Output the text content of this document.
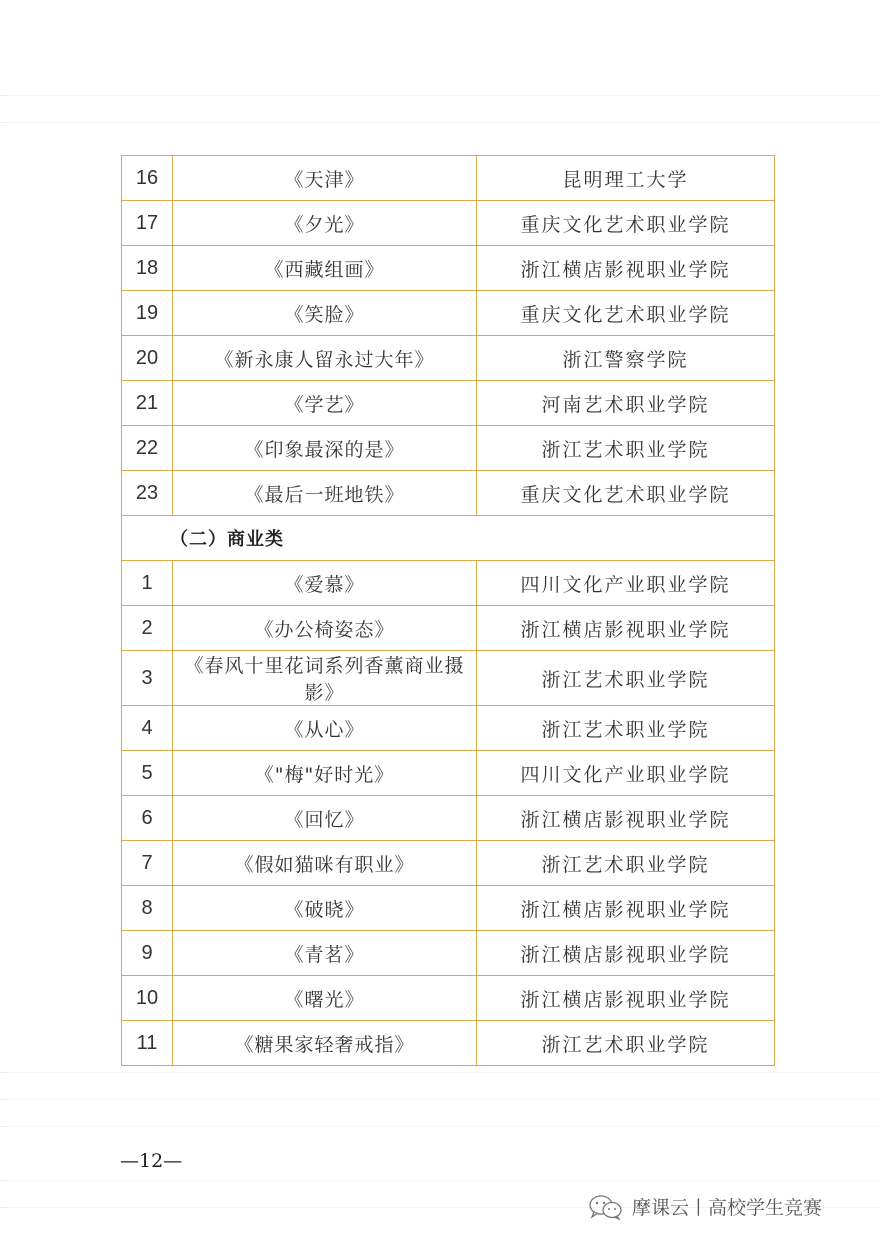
16	《天津》	昆明理工大学
17	《夕光》	重庆文化艺术职业学院
18	《西藏组画》	浙江横店影视职业学院
19	《笑脸》	重庆文化艺术职业学院
20	《新永康人留永过大年》	浙江警察学院
21	《学艺》	河南艺术职业学院
22	《印象最深的是》	浙江艺术职业学院
23	《最后一班地铁》	重庆文化艺术职业学院
（二）商业类		
1	《爱慕》	四川文化产业职业学院
2	《办公椅姿态》	浙江横店影视职业学院
3	《春风十里花词系列香薰商业摄影》	浙江艺术职业学院
4	《从心》	浙江艺术职业学院
5	《"梅"好时光》	四川文化产业职业学院
6	《回忆》	浙江横店影视职业学院
7	《假如猫咪有职业》	浙江艺术职业学院
8	《破晓》	浙江横店影视职业学院
9	《青茗》	浙江横店影视职业学院
10	《曙光》	浙江横店影视职业学院
11	《糖果家轻奢戒指》	浙江艺术职业学院
—12—
摩课云丨高校学生竞赛
